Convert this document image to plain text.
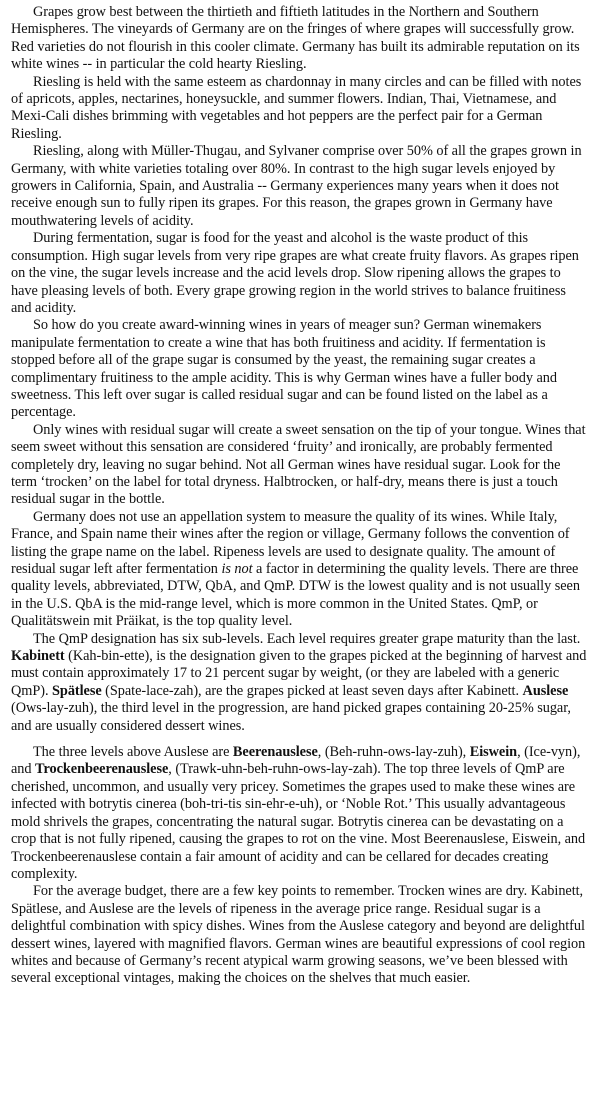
Grapes grow best between the thirtieth and fiftieth latitudes in the Northern and Southern Hemispheres. The vineyards of Germany are on the fringes of where grapes will successfully grow. Red varieties do not flourish in this cooler climate. Germany has built its admirable reputation on its white wines -- in particular the cold hearty Riesling.

Riesling is held with the same esteem as chardonnay in many circles and can be filled with notes of apricots, apples, nectarines, honeysuckle, and summer flowers. Indian, Thai, Vietnamese, and Mexi-Cali dishes brimming with vegetables and hot peppers are the perfect pair for a German Riesling.

Riesling, along with Müller-Thugau, and Sylvaner comprise over 50% of all the grapes grown in Germany, with white varieties totaling over 80%. In contrast to the high sugar levels enjoyed by growers in California, Spain, and Australia -- Germany experiences many years when it does not receive enough sun to fully ripen its grapes. For this reason, the grapes grown in Germany have mouthwatering levels of acidity.

During fermentation, sugar is food for the yeast and alcohol is the waste product of this consumption. High sugar levels from very ripe grapes are what create fruity flavors. As grapes ripen on the vine, the sugar levels increase and the acid levels drop. Slow ripening allows the grapes to have pleasing levels of both. Every grape growing region in the world strives to balance fruitiness and acidity.

So how do you create award-winning wines in years of meager sun? German winemakers manipulate fermentation to create a wine that has both fruitiness and acidity. If fermentation is stopped before all of the grape sugar is consumed by the yeast, the remaining sugar creates a complimentary fruitiness to the ample acidity. This is why German wines have a fuller body and sweetness. This left over sugar is called residual sugar and can be found listed on the label as a percentage.

Only wines with residual sugar will create a sweet sensation on the tip of your tongue. Wines that seem sweet without this sensation are considered ‘fruity’ and ironically, are probably fermented completely dry, leaving no sugar behind. Not all German wines have residual sugar. Look for the term ‘trocken’ on the label for total dryness. Halbtrocken, or half-dry, means there is just a touch residual sugar in the bottle.

Germany does not use an appellation system to measure the quality of its wines. While Italy, France, and Spain name their wines after the region or village, Germany follows the convention of listing the grape name on the label. Ripeness levels are used to designate quality. The amount of residual sugar left after fermentation is not a factor in determining the quality levels. There are three quality levels, abbreviated, DTW, QbA, and QmP. DTW is the lowest quality and is not usually seen in the U.S. QbA is the mid-range level, which is more common in the United States. QmP, or Qualitätswein mit Präikat, is the top quality level.

The QmP designation has six sub-levels. Each level requires greater grape maturity than the last. Kabinett (Kah-bin-ette), is the designation given to the grapes picked at the beginning of harvest and must contain approximately 17 to 21 percent sugar by weight, (or they are labeled with a generic QmP). Spätlese (Spate-lace-zah), are the grapes picked at least seven days after Kabinett. Auslese (Ows-lay-zuh), the third level in the progression, are hand picked grapes containing 20-25% sugar, and are usually considered dessert wines.

The three levels above Auslese are Beerenauslese, (Beh-ruhn-ows-lay-zuh), Eiswein, (Ice-vyn), and Trockenbeerenauslese, (Trawk-uhn-beh-ruhn-ows-lay-zah). The top three levels of QmP are cherished, uncommon, and usually very pricey. Sometimes the grapes used to make these wines are infected with botrytis cinerea (boh-tri-tis sin-ehr-e-uh), or ‘Noble Rot.’ This usually advantageous mold shrivels the grapes, concentrating the natural sugar. Botrytis cinerea can be devastating on a crop that is not fully ripened, causing the grapes to rot on the vine. Most Beerenauslese, Eiswein, and Trockenbeerenauslese contain a fair amount of acidity and can be cellared for decades creating complexity.

For the average budget, there are a few key points to remember. Trocken wines are dry. Kabinett, Spätlese, and Auslese are the levels of ripeness in the average price range. Residual sugar is a delightful combination with spicy dishes. Wines from the Auslese category and beyond are delightful dessert wines, layered with magnified flavors. German wines are beautiful expressions of cool region whites and because of Germany’s recent atypical warm growing seasons, we’ve been blessed with several exceptional vintages, making the choices on the shelves that much easier.
